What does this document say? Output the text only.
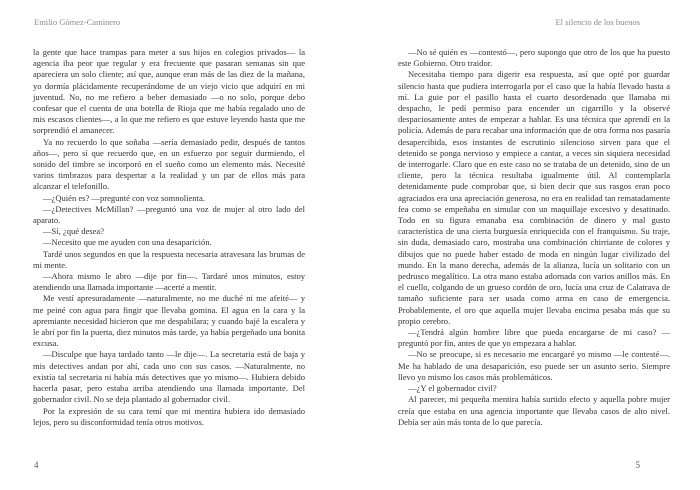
Emilio Gómez-Caminero

la gente que hace trampas para meter a sus hijos en colegios privados— la agencia iba peor que regular y era frecuente que pasaran semanas sin que apareciera un solo cliente; así que, aunque eran más de las diez de la mañana, yo dormía plácidamente recuperándome de un viejo vicio que adquirí en mi juventud. No, no me refiero a beber demasiado —o no solo, porque debo confesar que el cuenta de una botella de Rioja que me había regalado uno de mis escasos clientes—, a lo que me refiero es que estuve leyendo hasta que me sorprendió el amanecer.

Ya no recuerdo lo que soñaba —sería demasiado pedir, después de tantos años—, pero sí que recuerdo que, en un esfuerzo por seguir durmiendo, el sonido del timbre se incorporó en el sueño como un elemento más. Necesité varios timbrazos para despertar a la realidad y un par de ellos más para alcanzar el telefonillo.

—¿Quién es? —pregunté con voz somnolienta.

—¿Detectives McMillan? —preguntó una voz de mujer al otro lado del aparato.

—Sí, ¿qué desea?

—Necesito que me ayuden con una desaparición.

Tardé unos segundos en que la respuesta necesaria atravesara las brumas de mi mente.

—Ahora mismo le abro —dije por fin—. Tardaré unos minutos, estoy atendiendo una llamada importante —acerté a mentir.

Me vestí apresuradamente —naturalmente, no me duché ni me afeité— y me peiné con agua para fingir que llevaba gomina. El agua en la cara y la apremiante necesidad hicieron que me despabilara; y cuando bajé la escalera y le abrí por fin la puerta, diez minutos más tarde, ya había pergeñado una bonita excusa.

—Disculpe que haya tardado tanto —le dije—. La secretaria está de baja y mis detectives andan por ahí, cada uno con sus casos. —Naturalmente, no existía tal secretaria ni había más detectives que yo mismo—. Hubiera debido hacerla pasar, pero estaba arriba atendiendo una llamada importante. Del gobernador civil. No se deja plantado al gobernador civil.

Por la expresión de su cara temí que mi mentira hubiera ido demasiado lejos, pero su disconformidad tenía otros motivos.

4
El silencio de los buenos

—No sé quién es —contestó—, pero supongo que otro de los que ha puesto este Gobierno. Otro traidor.

Necesitaba tiempo para digerir esa respuesta, así que opté por guardar silencio hasta que pudiera interrogarla por el caso que la había llevado hasta a mí. La guie por el pasillo hasta el cuarto desordenado que llamaba mi despacho, le pedí permiso para encender un cigarrillo y la observé despaciosamente antes de empezar a hablar. Es una técnica que aprendí en la policía. Además de para recabar una información que de otra forma nos pasaría desapercibida, esos instantes de escrutinio silencioso sirven para que el detenido se ponga nervioso y empiece a cantar, a veces sin siquiera necesidad de interrogarle. Claro que en este caso no se trataba de un detenido, sino de un cliente, pero la técnica resultaba igualmente útil. Al contemplarla detenidamente pude comprobar que, si bien decir que sus rasgos eran poco agraciados era una apreciación generosa, no era en realidad tan rematadamente fea como se empeñaba en simular con un maquillaje excesivo y desatinado. Todo en su figura emanaba esa combinación de dinero y mal gusto característica de una cierta burguesía enriquecida con el franquismo. Su traje, sin duda, demasiado caro, mostraba una combinación chirriante de colores y dibujos que no puede haber estado de moda en ningún lugar civilizado del mundo. En la mano derecha, además de la alianza, lucía un solitario con un pedrusco megalítico. La otra mano estaba adornada con varios anillos más. En el cuello, colgando de un grueso cordón de oro, lucía una cruz de Calatrava de tamaño suficiente para ser usada como arma en caso de emergencia. Probablemente, el oro que aquella mujer llevaba encima pesaba más que su propio cerebro.

—¿Tendrá algún hombre libre que pueda encargarse de mi caso? —preguntó por fin, antes de que yo empezara a hablar.

—No se preocupe, si es necesario me encargaré yo mismo —le contesté—. Me ha hablado de una desaparición, eso puede ser un asunto serio. Siempre llevo yo mismo los casos más problemáticos.

—¿Y el gobernador civil?

Al parecer, mi pequeña mentira había surtido efecto y aquella pobre mujer creía que estaba en una agencia importante que llevaba casos de alto nivel. Debía ser aún más tonta de lo que parecía.

5
